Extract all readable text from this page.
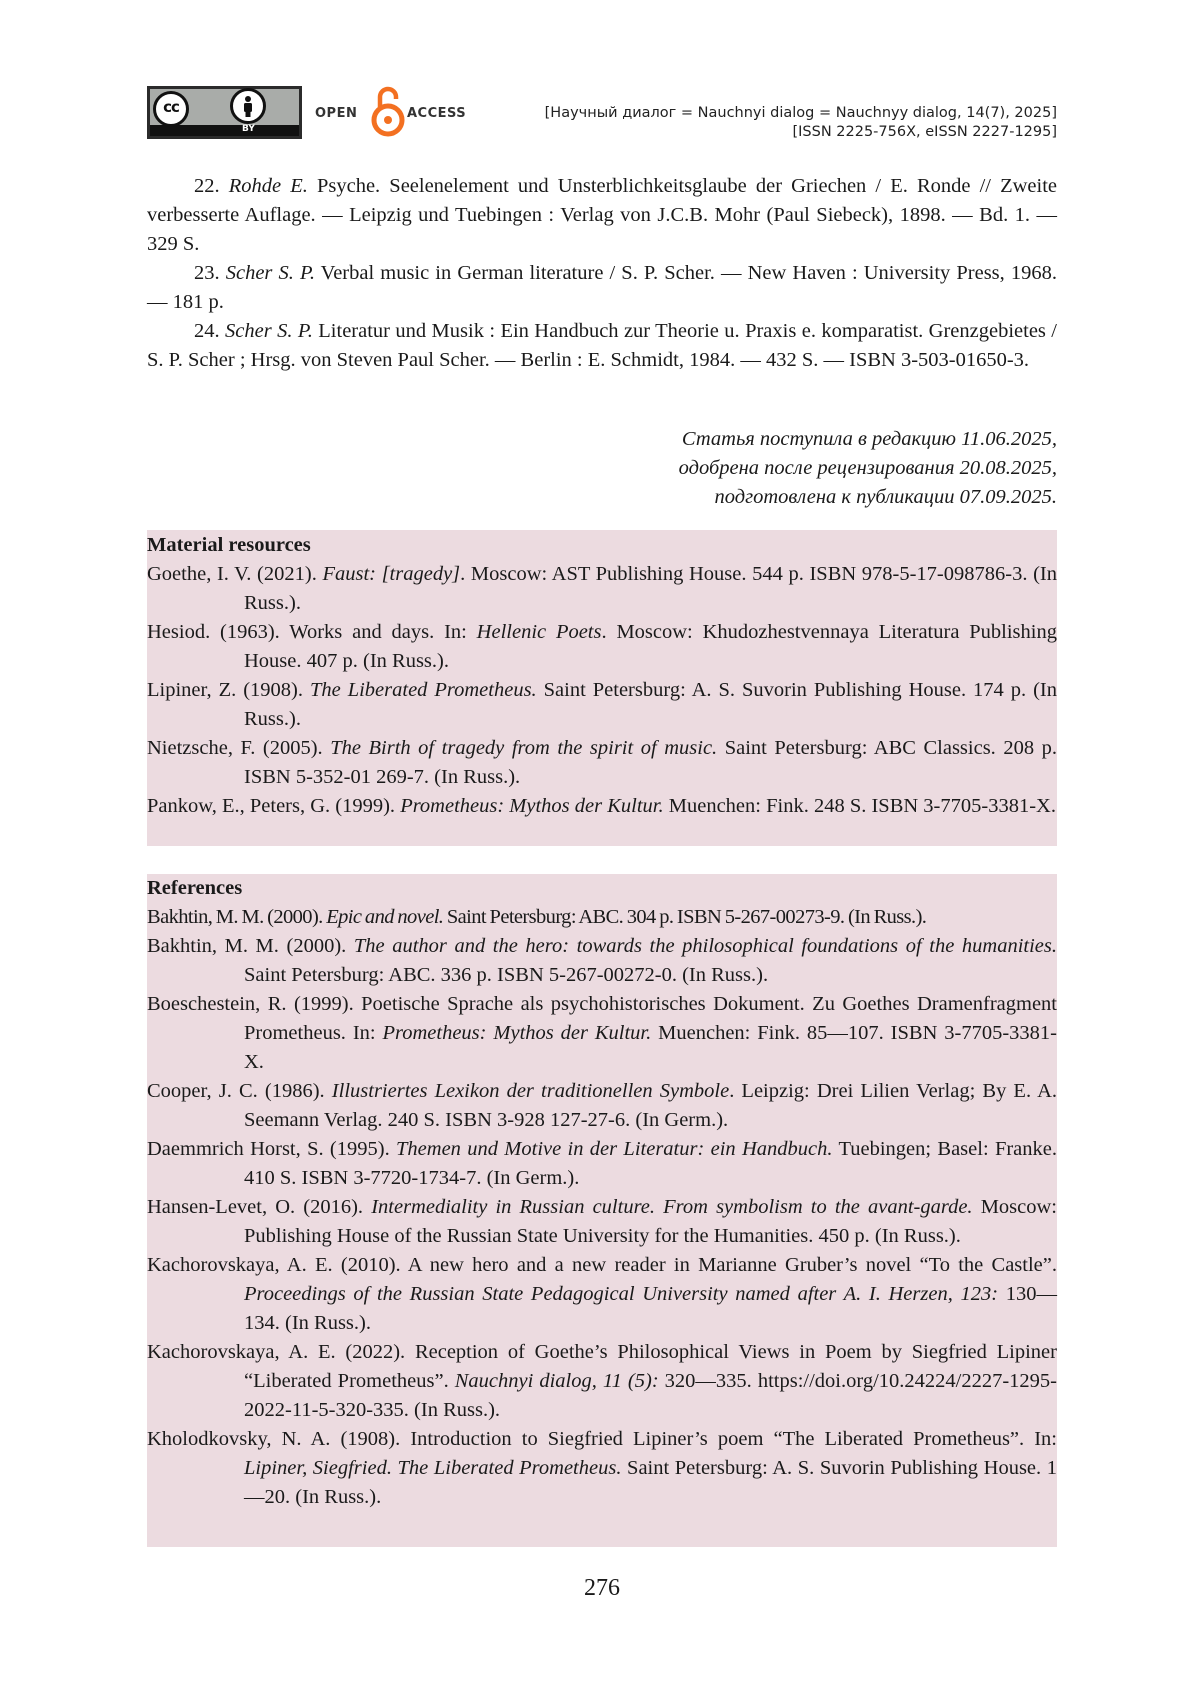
cc
BY
OPEN	ACCESS	[Научный диалог = Nauchnyi dialog = Nauchnyy dialog, 14(7), 2025]
[ISSN 2225-756X, eISSN 2227-1295]

22. Rohde E. Psyche. Seelenelement und Unsterblichkeitsglaube der Griechen / E. Ronde // Zweite verbesserte Auflage. — Leipzig und Tuebingen : Verlag von J.C.B. Mohr (Paul Siebeck), 1898. — Bd. 1. — 329 S.

23. Scher S. P. Verbal music in German literature / S. P. Scher. — New Haven : University Press, 1968. — 181 p.

24. Scher S. P. Literatur und Musik : Ein Handbuch zur Theorie u. Praxis e. komparatist. Grenzgebietes / S. P. Scher ; Hrsg. von Steven Paul Scher. — Berlin : E. Schmidt, 1984. — 432 S. — ISBN 3-503-01650-3.

Статья поступила в редакцию 11.06.2025,
одобрена после рецензирования 20.08.2025,
подготовлена к публикации 07.09.2025.
Material resources

Goethe, I. V. (2021). Faust: [tragedy]. Moscow: AST Publishing House. 544 p. ISBN 978-5-17-098786-3. (In Russ.).

Hesiod. (1963). Works and days. In: Hellenic Poets. Moscow: Khudozhestvennaya Literatura Publishing House. 407 p. (In Russ.).

Lipiner, Z. (1908). The Liberated Prometheus. Saint Petersburg: A. S. Suvorin Publishing House. 174 p. (In Russ.).

Nietzsche, F. (2005). The Birth of tragedy from the spirit of music. Saint Petersburg: ABC Classics. 208 p. ISBN 5-352-01 269-7. (In Russ.).

Pankow, E., Peters, G. (1999). Prometheus: Mythos der Kultur. Muenchen: Fink. 248 S. ISBN 3-7705-3381-X.

References

Bakhtin, M. M. (2000). Epic and novel. Saint Petersburg: ABC. 304 p. ISBN 5-267-00273-9. (In Russ.).

Bakhtin, M. M. (2000). The author and the hero: towards the philosophical foundations of the humanities. Saint Petersburg: ABC. 336 p. ISBN 5-267-00272-0. (In Russ.).

Boeschestein, R. (1999). Poetische Sprache als psychohistorisches Dokument. Zu Goethes Dramenfragment Prometheus. In: Prometheus: Mythos der Kultur. Muenchen: Fink. 85—107. ISBN 3-7705-3381-X.

Cooper, J. C. (1986). Illustriertes Lexikon der traditionellen Symbole. Leipzig: Drei Lilien Verlag; By E. A. Seemann Verlag. 240 S. ISBN 3-928 127-27-6. (In Germ.).

Daemmrich Horst, S. (1995). Themen und Motive in der Literatur: ein Handbuch. Tuebingen; Basel: Franke. 410 S. ISBN 3-7720-1734-7. (In Germ.).

Hansen-Levet, O. (2016). Intermediality in Russian culture. From symbolism to the avant-garde. Moscow: Publishing House of the Russian State University for the Humanities. 450 p. (In Russ.).

Kachorovskaya, A. E. (2010). A new hero and a new reader in Marianne Gruber’s novel “To the Castle”. Proceedings of the Russian State Pedagogical University named after A. I. Herzen, 123: 130—134. (In Russ.).

Kachorovskaya, A. E. (2022). Reception of Goethe’s Philosophical Views in Poem by Siegfried Lipiner “Liberated Prometheus”. Nauchnyi dialog, 11 (5): 320—335. https://doi.org/10.24224/2227-1295-2022-11-5-320-335. (In Russ.).

Kholodkovsky, N. A. (1908). Introduction to Siegfried Lipiner’s poem “The Liberated Prometheus”. In: Lipiner, Siegfried. The Liberated Prometheus. Saint Petersburg: A. S. Suvorin Publishing House. 1—20. (In Russ.).

276
